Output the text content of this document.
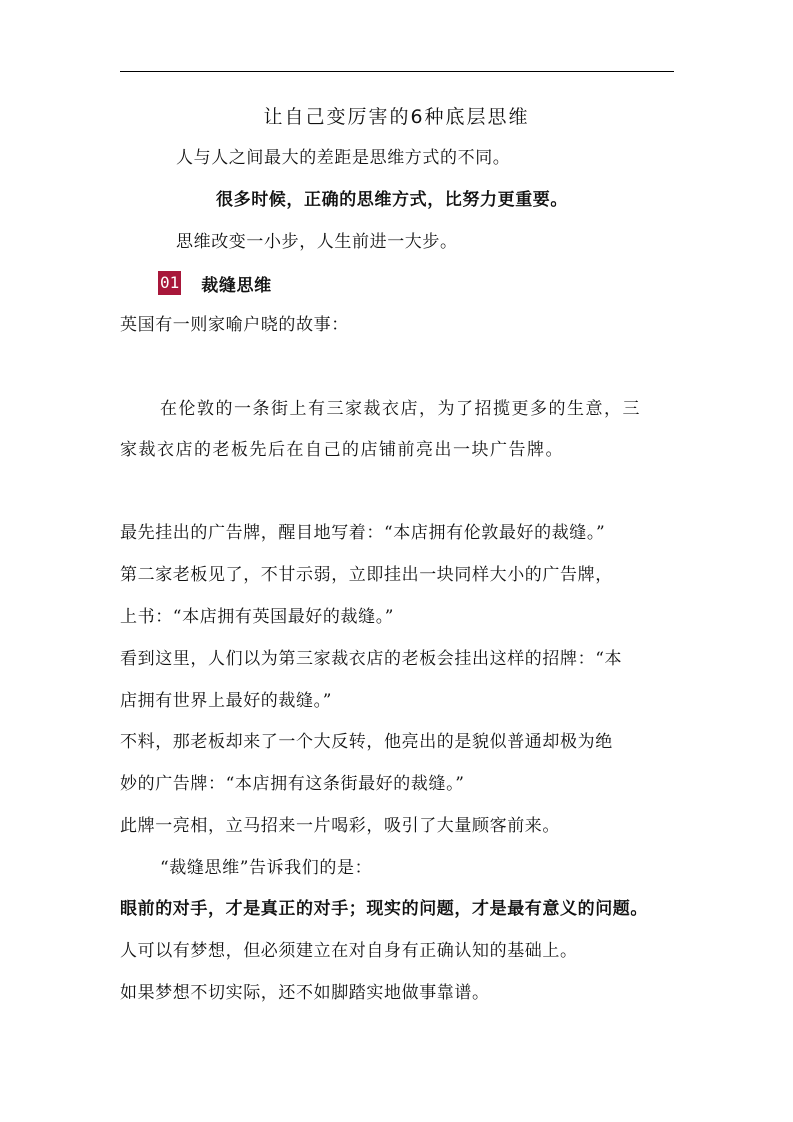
让自己变厉害的6种底层思维
人与人之间最大的差距是思维方式的不同。
很多时候，正确的思维方式，比努力更重要。
思维改变一小步，人生前进一大步。
01 裁缝思维
英国有一则家喻户晓的故事：
在伦敦的一条街上有三家裁衣店，为了招揽更多的生意，三
家裁衣店的老板先后在自己的店铺前亮出一块广告牌。
最先挂出的广告牌，醒目地写着：“本店拥有伦敦最好的裁缝。”
第二家老板见了，不甘示弱，立即挂出一块同样大小的广告牌，
上书：“本店拥有英国最好的裁缝。”
看到这里，人们以为第三家裁衣店的老板会挂出这样的招牌：“本
店拥有世界上最好的裁缝。”
不料，那老板却来了一个大反转，他亮出的是貌似普通却极为绝
妙的广告牌：“本店拥有这条街最好的裁缝。”
此牌一亮相，立马招来一片喝彩，吸引了大量顾客前来。
“裁缝思维”告诉我们的是：
眼前的对手，才是真正的对手；现实的问题，才是最有意义的问题。
人可以有梦想，但必须建立在对自身有正确认知的基础上。
如果梦想不切实际，还不如脚踏实地做事靠谱。
